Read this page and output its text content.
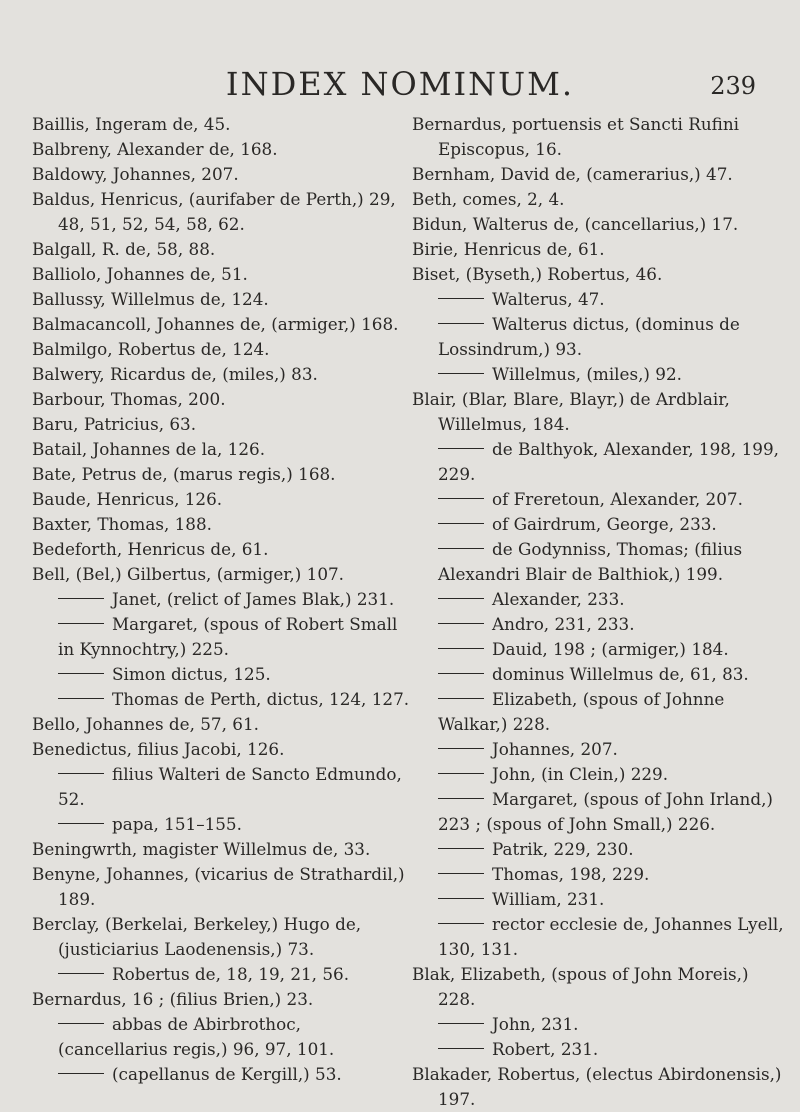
INDEX NOMINUM.	239

Baillis, Ingeram de, 45.

Balbreny, Alexander de, 168.

Baldowy, Johannes, 207.

Baldus, Henricus, (aurifaber de Perth,) 29, 48, 51, 52, 54, 58, 62.

Balgall, R. de, 58, 88.

Balliolo, Johannes de, 51.

Ballussy, Willelmus de, 124.

Balmacancoll, Johannes de, (armiger,) 168.

Balmilgo, Robertus de, 124.

Balwery, Ricardus de, (miles,) 83.

Barbour, Thomas, 200.

Baru, Patricius, 63.

Batail, Johannes de la, 126.

Bate, Petrus de, (marus regis,) 168.

Baude, Henricus, 126.

Baxter, Thomas, 188.

Bedeforth, Henricus de, 61.

Bell, (Bel,) Gilbertus, (armiger,) 107.

Janet, (relict of James Blak,) 231.

Margaret, (spous of Robert Small in Kynnochtry,) 225.

Simon dictus, 125.

Thomas de Perth, dictus, 124, 127.

Bello, Johannes de, 57, 61.

Benedictus, filius Jacobi, 126.

filius Walteri de Sancto Edmundo, 52.

papa, 151–155.

Beningwrth, magister Willelmus de, 33.

Benyne, Johannes, (vicarius de Strathardil,) 189.

Berclay, (Berkelai, Berkeley,) Hugo de, (justiciarius Laodenensis,) 73.

Robertus de, 18, 19, 21, 56.

Bernardus, 16 ; (filius Brien,) 23.

abbas de Abirbrothoc, (cancellarius regis,) 96, 97, 101.

(capellanus de Kergill,) 53.

Bernardus, portuensis et Sancti Rufini Episcopus, 16.

Bernham, David de, (camerarius,) 47.

Beth, comes, 2, 4.

Bidun, Walterus de, (cancellarius,) 17.

Birie, Henricus de, 61.

Biset, (Byseth,) Robertus, 46.

Walterus, 47.

Walterus dictus, (dominus de Lossindrum,) 93.

Willelmus, (miles,) 92.

Blair, (Blar, Blare, Blayr,) de Ardblair, Willelmus, 184.

de Balthyok, Alexander, 198, 199, 229.

of Freretoun, Alexander, 207.

of Gairdrum, George, 233.

de Godynniss, Thomas; (filius Alexandri Blair de Balthiok,) 199.

Alexander, 233.

Andro, 231, 233.

Dauid, 198 ; (armiger,) 184.

dominus Willelmus de, 61, 83.

Elizabeth, (spous of Johnne Walkar,) 228.

Johannes, 207.

John, (in Clein,) 229.

Margaret, (spous of John Irland,) 223 ; (spous of John Small,) 226.

Patrik, 229, 230.

Thomas, 198, 229.

William, 231.

rector ecclesie de, Johannes Lyell, 130, 131.

Blak, Elizabeth, (spous of John Moreis,) 228.

John, 231.

Robert, 231.

Blakader, Robertus, (electus Abirdonensis,) 197.
